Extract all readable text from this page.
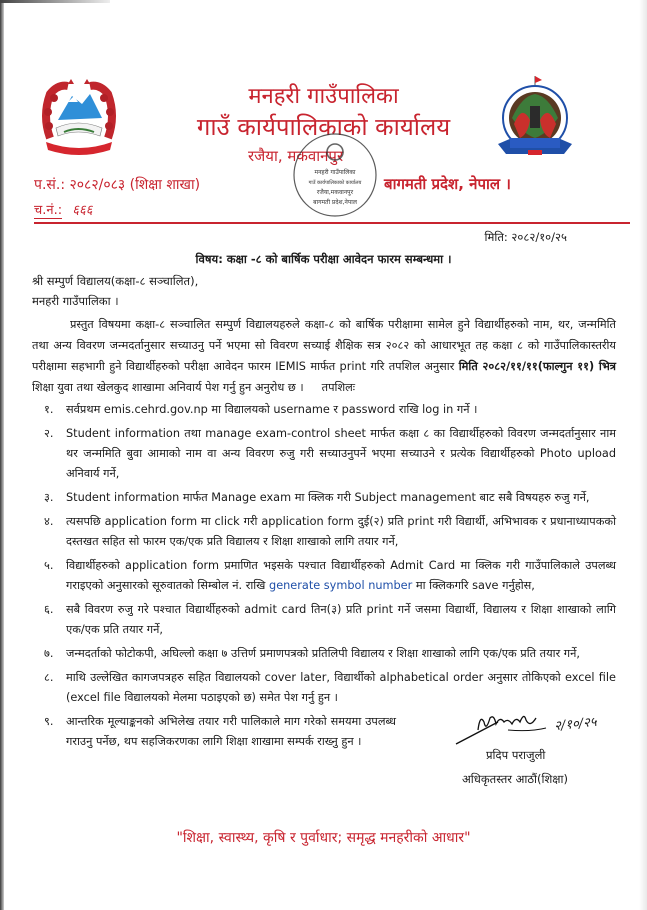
मनहरी गाउँपालिका
गाउँ कार्यपालिकाको कार्यालय
रजैया, मकवानपुर
प.सं.: २०८२/०८३ (शिक्षा शाखा)	बागमती प्रदेश, नेपाल ।
च.नं.: ६६६
मनहरी गाउँपालिका
गाउँ कार्यपालिकाको कार्यालय
रजैया,मकवानपुर
बागमती प्रदेश,नेपाल
मिति: २०८२/१०/२५
विषय: कक्षा -८ को बार्षिक परीक्षा आवेदन फारम सम्बन्धमा ।
श्री सम्पुर्ण विद्यालय(कक्षा-८ सञ्चालित),
मनहरी गाउँपालिका ।

प्रस्तुत विषयमा कक्षा-८ सञ्चालित सम्पुर्ण विद्यालयहरुले कक्षा-८ को बार्षिक परीक्षामा सामेल हुने विद्यार्थीहरुको नाम, थर, जन्ममिति तथा अन्य विवरण जन्मदर्तानुसार सच्याउनु पर्ने भएमा सो विवरण सच्याई शैक्षिक सत्र २०८२ को आधारभूत तह कक्षा ८ को गाउँपालिकास्तरीय परीक्षामा सहभागी हुने विद्यार्थीहरुको परीक्षा आवेदन फारम IEMIS मार्फत print गरि तपशिल अनुसार मिति २०८२/११/११(फाल्गुन ११) भित्र शिक्षा युवा तथा खेलकुद शाखामा अनिवार्य पेश गर्नु हुन अनुरोध छ । तपशिलः

१.	सर्वप्रथम emis.cehrd.gov.np मा विद्यालयको username र password राखि log in गर्ने ।
२.	Student information तथा manage exam-control sheet मार्फत कक्षा ८ का विद्यार्थीहरुको विवरण जन्मदर्तानुसार नाम थर जन्ममिति बुवा आमाको नाम वा अन्य विवरण रुजु गरी सच्याउनुपर्ने भएमा सच्याउने र प्रत्येक विद्यार्थीहरुको Photo upload अनिवार्य गर्ने,
३.	Student information मार्फत Manage exam मा क्लिक गरी Subject management बाट सबै विषयहरु रुजु गर्ने,
४.	त्यसपछि application form मा click गरी application form दुई(२) प्रति print गरी विद्यार्थी, अभिभावक र प्रधानाध्यापकको दस्तखत सहित सो फारम एक/एक प्रति विद्यालय र शिक्षा शाखाको लागि तयार गर्ने,
५.	विद्यार्थीहरुको application form प्रमाणित भइसके पश्चात विद्यार्थीहरुको Admit Card मा क्लिक गरी गाउँपालिकाले उपलब्ध गराइएको अनुसारको सूरुवातको सिम्बोल नं. राखि generate symbol number मा क्लिकगरि save गर्नुहोस,
६.	सबै विवरण रुजु गरे पश्चात विद्यार्थीहरुको admit card तिन(३) प्रति print गर्ने जसमा विद्यार्थी, विद्यालय र शिक्षा शाखाको लागि एक/एक प्रति तयार गर्ने,
७.	जन्मदर्ताको फोटोकपी, अघिल्लो कक्षा ७ उत्तिर्ण प्रमाणपत्रको प्रतिलिपी विद्यालय र शिक्षा शाखाको लागि एक/एक प्रति तयार गर्ने,
८.	माथि उल्लेखित कागजपत्रहरु सहित विद्यालयको cover later, विद्यार्थीको alphabetical order अनुसार तोकिएको excel file (excel file विद्यालयको मेलमा पठाइएको छ) समेत पेश गर्नु हुन ।
९.	आन्तरिक मूल्याङ्कनको अभिलेख तयार गरी पालिकाले माग गरेको समयमा उपलब्ध गराउनु पर्नेछ, थप सहजिकरणका लागि शिक्षा शाखामा सम्पर्क राख्नु हुन ।
२/१०/२५
प्रदिप पराजुली
अधिकृतस्तर आठौं(शिक्षा)
"शिक्षा, स्वास्थ्य, कृषि र पुर्वाधार; समृद्ध मनहरीको आधार"
